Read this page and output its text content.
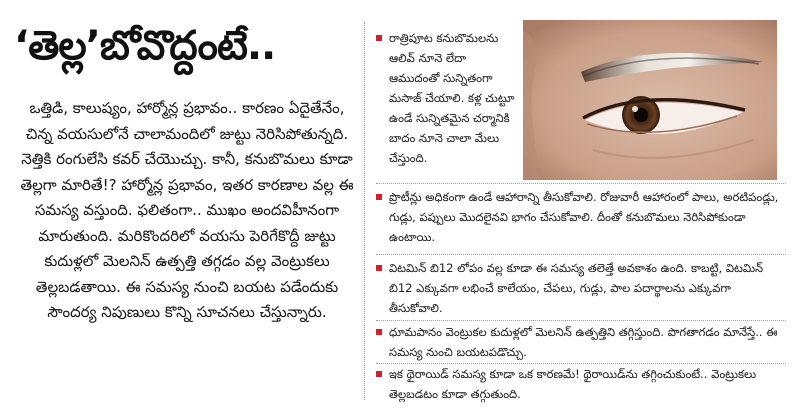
‘తెల్ల’బోవొద్దంటే..

ఒత్తిడి, కాలుష్యం, హార్మోన్ల ప్రభావం.. కారణం ఏదైతేనేం, చిన్న వయసులోనే చాలామందిలో జుట్టు నెరిసిపోతున్నది. నెత్తికి రంగులేసి కవర్‌ చేయొచ్చు. కానీ, కనుబొమలు కూడా తెల్లగా మారితే!? హార్మోన్ల ప్రభావం, ఇతర కారణాల వల్ల ఈ సమస్య వస్తుంది. ఫలితంగా.. ముఖం అందవిహీనంగా మారుతుంది. మరికొందరిలో వయసు పెరిగేకొద్దీ జుట్టు కుదుళ్లలో మెలనిన్‌ ఉత్పత్తి తగ్గడం వల్ల వెంట్రుకలు తెల్లబడతాయి. ఈ సమస్య నుంచి బయట పడేందుకు సౌందర్య నిపుణులు కొన్ని సూచనలు చేస్తున్నారు.

రాత్రిపూట కనుబొమలను ఆలివ్‌ నూనె లేదా ఆముదంతో సున్నితంగా మసాజ్‌ చేయాలి. కళ్ల చుట్టూ ఉండే సున్నితమైన చర్మానికి బాదం నూనె చాలా మేలు చేస్తుంది.
ప్రొటీన్లు అధికంగా ఉండే ఆహారాన్ని తీసుకోవాలి. రోజువారీ ఆహారంలో పాలు, అరటిపండ్లు, గుడ్లు, పప్పులు మొదలైనవి భాగం చేసుకోవాలి. దీంతో కనుబొమలు నెరిసిపోకుండా ఉంటాయి.
విటమిన్‌ బి12 లోపం వల్ల కూడా ఈ సమస్య తలెత్తే అవకాశం ఉంది. కాబట్టి, విటమిన్‌ బి12 ఎక్కువగా లభించే కాలేయం, చేపలు, గుడ్లు, పాల పదార్థాలను ఎక్కువగా తీసుకోవాలి.
ధూమపానం వెంట్రుకల కుదుళ్లలో మెలనిన్‌ ఉత్పత్తిని తగ్గిస్తుంది. పొగతాగడం మానేస్తే.. ఈ సమస్య నుంచి బయటపడొచ్చు.
ఇక థైరాయిడ్‌ సమస్య కూడా ఒక కారణమే! థైరాయిడ్‌ను తగ్గించుకుంటే.. వెంట్రుకలు తెల్లబడటం కూడా తగ్గుతుంది.
